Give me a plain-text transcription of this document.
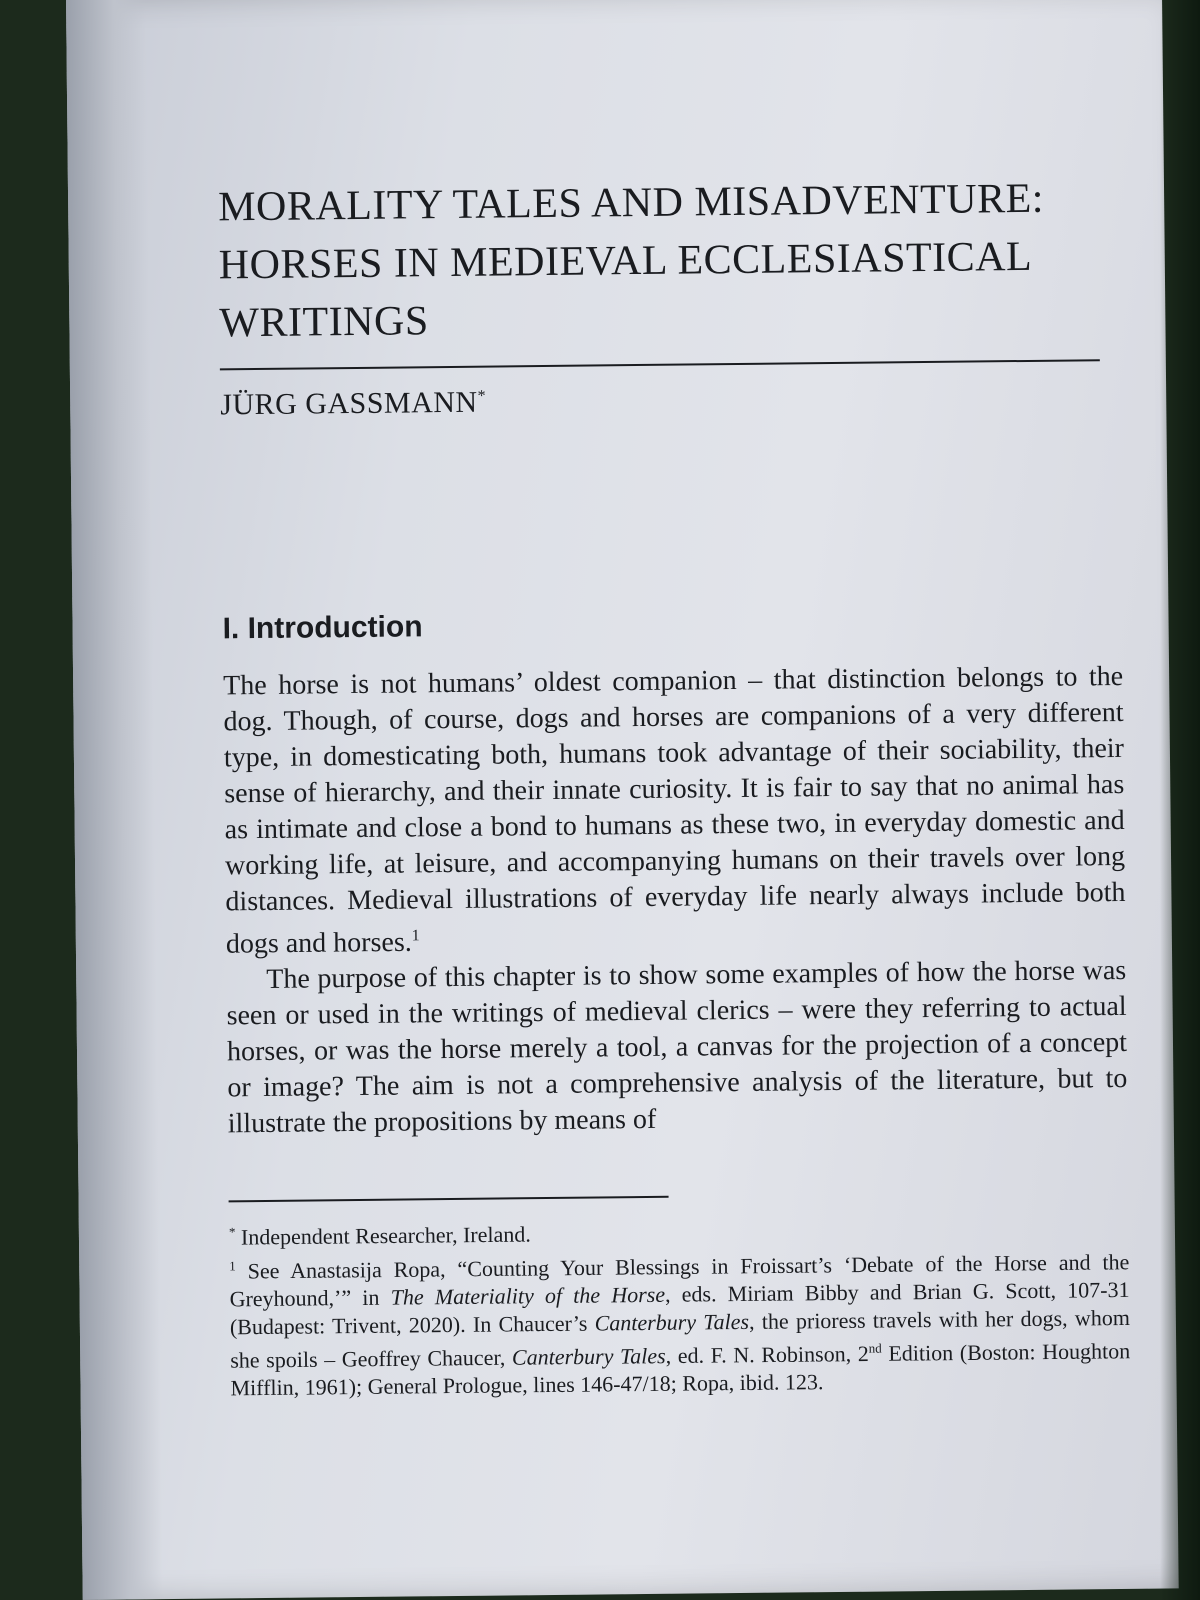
MORALITY TALES AND MISADVENTURE:
HORSES IN MEDIEVAL ECCLESIASTICAL
WRITINGS
JÜRG GASSMANN*
I. Introduction

The horse is not humans’ oldest companion – that distinction belongs to the dog. Though, of course, dogs and horses are companions of a very different type, in domesticating both, humans took advantage of their sociability, their sense of hierarchy, and their innate curiosity. It is fair to say that no animal has as intimate and close a bond to humans as these two, in everyday domestic and working life, at leisure, and accompanying humans on their travels over long distances. Medieval illustrations of everyday life nearly always include both dogs and horses.$^1$

The purpose of this chapter is to show some examples of how the horse was seen or used in the writings of medieval clerics – were they referring to actual horses, or was the horse merely a tool, a canvas for the projection of a concept or image? The aim is not a comprehensive analysis of the literature, but to illustrate the propositions by means of

* Independent Researcher, Ireland.

$^1$ See Anastasija Ropa, “Counting Your Blessings in Froissart’s ‘Debate of the Horse and the Greyhound,’” in The Materiality of the Horse, eds. Miriam Bibby and Brian G. Scott, 107-31 (Budapest: Trivent, 2020). In Chaucer’s Canterbury Tales, the prioress travels with her dogs, whom she spoils – Geoffrey Chaucer, Canterbury Tales, ed. F. N. Robinson, 2nd Edition (Boston: Houghton Mifflin, 1961); General Prologue, lines 146-47/18; Ropa, ibid. 123.
